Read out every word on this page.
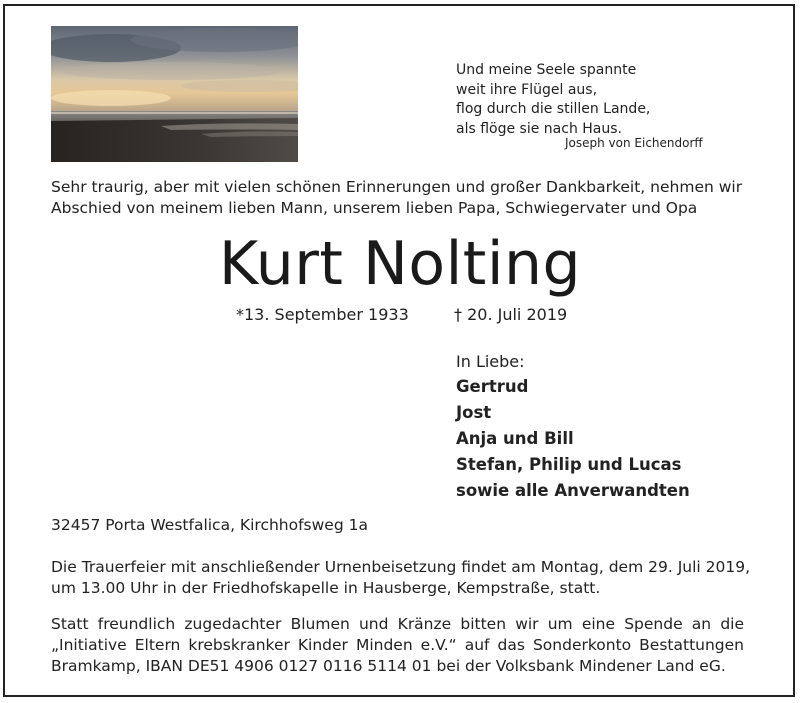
Und meine Seele spannte
weit ihre Flügel aus,
flog durch die stillen Lande,
als flöge sie nach Haus.
Joseph von Eichendorff
Sehr traurig, aber mit vielen schönen Erinnerungen und großer Dankbarkeit, nehmen wir
Abschied von meinem lieben Mann, unserem lieben Papa, Schwiegervater und Opa
Kurt Nolting
*13. September 1933	† 20. Juli 2019
In Liebe:
Gertrud
Jost
Anja und Bill
Stefan, Philip und Lucas
sowie alle Anverwandten
32457 Porta Westfalica, Kirchhofsweg 1a
Die Trauerfeier mit anschließender Urnenbeisetzung findet am Montag, dem 29. Juli 2019,
um 13.00 Uhr in der Friedhofskapelle in Hausberge, Kempstraße, statt.
Statt freundlich zugedachter Blumen und Kränze bitten wir um eine Spende an die
„Initiative Eltern krebskranker Kinder Minden e.V.“ auf das Sonderkonto Bestattungen
Bramkamp, IBAN DE51 4906 0127 0116 5114 01 bei der Volksbank Mindener Land eG.
